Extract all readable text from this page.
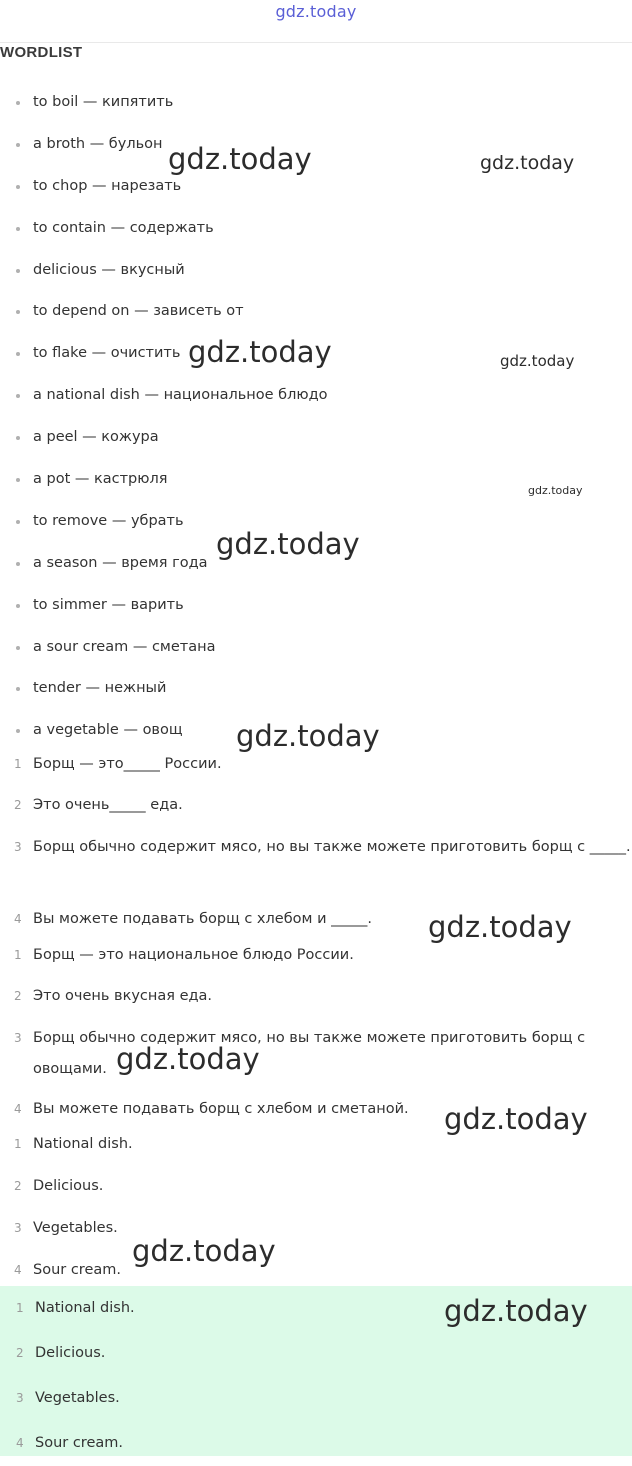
gdz.today
WORDLIST
to boil — кипятить
a broth — бульон
to chop — нарезать
to contain — содержать
delicious — вкусный
to depend on — зависеть от
to flake — очистить
a national dish — национальное блюдо
a peel — кожура
a pot — кастрюля
to remove — убрать
a season — время года
to simmer — варить
a sour cream — сметана
tender — нежный
a vegetable — овощ
1 Борщ — это_____ России.
2 Это очень_____ еда.
3 Борщ обычно содержит мясо, но вы также можете приготовить борщ с _____.
4 Вы можете подавать борщ с хлебом и _____.
1 Борщ — это национальное блюдо России.
2 Это очень вкусная еда.
3 Борщ обычно содержит мясо, но вы также можете приготовить борщ с овощами.
4 Вы можете подавать борщ с хлебом и сметаной.
1 National dish.
2 Delicious.
3 Vegetables.
4 Sour cream.
1 National dish.
2 Delicious.
3 Vegetables.
4 Sour cream.
gdz.today	gdz.today
gdz.today	gdz.today
gdz.today
gdz.today
gdz.today
gdz.today
gdz.today
gdz.today
gdz.today
gdz.today
